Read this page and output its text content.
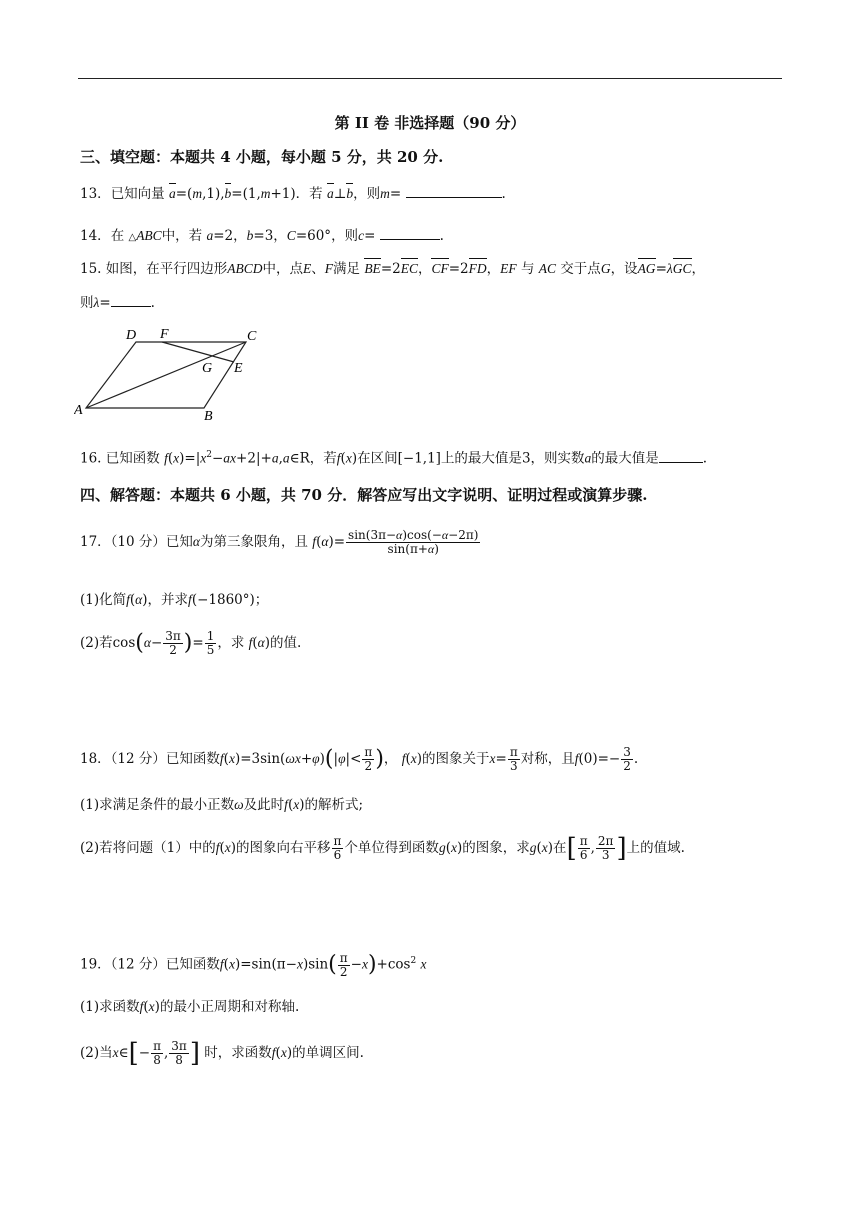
第 II 卷 非选择题（90 分）
三、填空题：本题共 4 小题，每小题 5 分，共 20 分.
13．已知向量 a=(m,1),b=(1,m+1)．若 a⊥b，则m=	.
14．在 △ABC中，若 a=2，b=3，C=60°，则c=	.
15. 如图，在平行四边形ABCD中，点E、F满足 BE=2EC，CF=2FD，EF 与 AC 交于点G，设AG=λGC，
则λ=	.
A	B
C
D
E
F
G
16. 已知函数 $f(x)=|x^2-ax+2|+a,a\in R$，若f(x)在区间[−1,1]上的最大值是3，则实数a的最大值是	.
四、解答题：本题共 6 小题，共 70 分．解答应写出文字说明、证明过程或演算步骤.
17．（10 分）已知α为第三象限角，且 $f(\alpha)= \frac{\sin(3\pi-\alpha)\cos(-\alpha-2\pi)}{\sin(\pi+\alpha)}$
(1)化简f(α)，并求f(−1860°)；
(2)若$\cos(\alpha- \frac{3\pi}{2}$ )= $\frac{1}{5}$ ，求 f(α)的值.
18．（12 分）已知函数$f(x)=3\sin(\omega x+\varphi)(|\varphi|< \frac{\pi}{2}$ )， f(x)的图象关于$x= \frac{\pi}{3}$ 对称，且$f(0)=- \frac{3}{2}$ .
(1)求满足条件的最小正数ω及此时f(x)的解析式;
(2)若将问题（1）中的f(x)的图象向右平移 $\frac{\pi}{6}$ 个单位得到函数g(x)的图象，求g(x)在[ $\frac{\pi}{6}$ , $\frac{2\pi}{3}$ ]上的值域.
19．（12 分）已知函数$f(x)=\sin(\pi-x)\sin( \frac{\pi}{2} -x)+\cos^2$ x
(1)求函数f(x)的最小正周期和对称轴.
(2)当x∈[− $\frac{\pi}{8}$ , $\frac{3\pi}{8}$ ] 时，求函数f(x)的单调区间.
